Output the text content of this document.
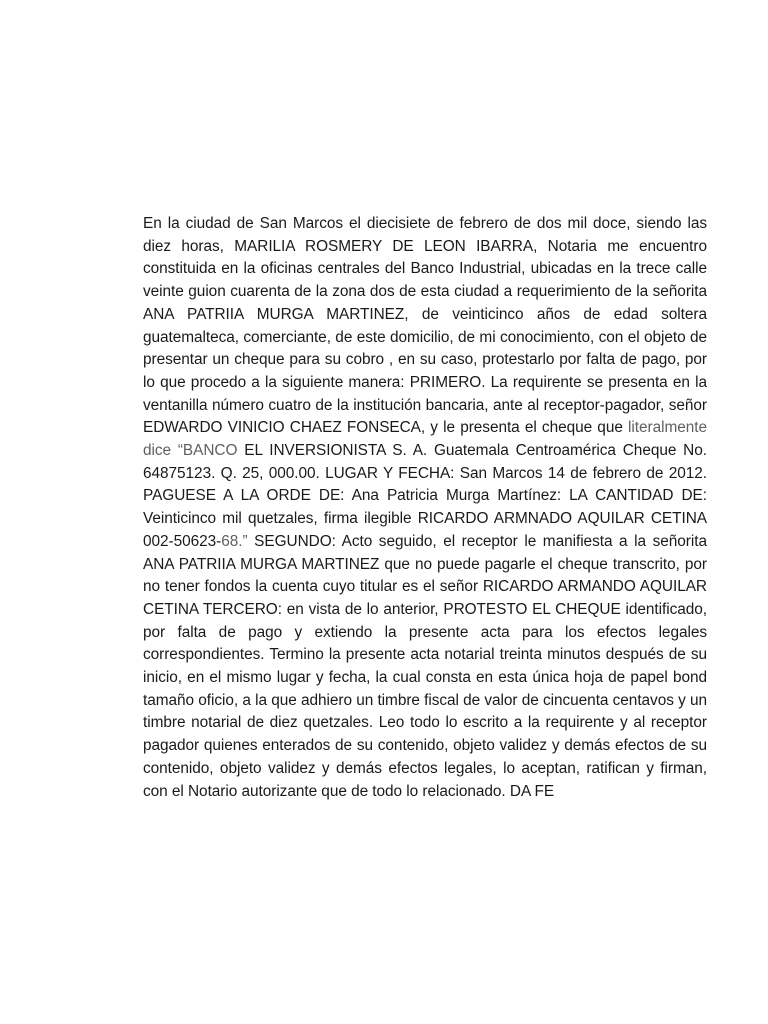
En la ciudad de San Marcos el diecisiete de febrero de dos mil doce, siendo las diez horas, MARILIA ROSMERY DE LEON IBARRA, Notaria me encuentro constituida en la oficinas centrales del Banco Industrial, ubicadas en la trece calle veinte guion cuarenta de la zona dos de esta ciudad a requerimiento de la señorita ANA PATRIIA MURGA MARTINEZ, de veinticinco años de edad soltera guatemalteca, comerciante, de este domicilio, de mi conocimiento, con el objeto de presentar un cheque para su cobro , en su caso, protestarlo por falta de pago, por lo que procedo a la siguiente manera: PRIMERO. La requirente se presenta en la ventanilla número cuatro de la institución bancaria, ante al receptor-pagador, señor EDWARDO VINICIO CHAEZ FONSECA, y le presenta el cheque que literalmente dice “BANCO EL INVERSIONISTA S. A. Guatemala Centroamérica Cheque No. 64875123. Q. 25, 000.00. LUGAR Y FECHA: San Marcos 14 de febrero de 2012. PAGUESE A LA ORDE DE: Ana Patricia Murga Martínez: LA CANTIDAD DE: Veinticinco mil quetzales, firma ilegible RICARDO ARMNADO AQUILAR CETINA 002-50623-68.” SEGUNDO: Acto seguido, el receptor le manifiesta a la señorita ANA PATRIIA MURGA MARTINEZ que no puede pagarle el cheque transcrito, por no tener fondos la cuenta cuyo titular es el señor RICARDO ARMANDO AQUILAR CETINA TERCERO: en vista de lo anterior, PROTESTO EL CHEQUE identificado, por falta de pago y extiendo la presente acta para los efectos legales correspondientes. Termino la presente acta notarial treinta minutos después de su inicio, en el mismo lugar y fecha, la cual consta en esta única hoja de papel bond tamaño oficio, a la que adhiero un timbre fiscal de valor de cincuenta centavos y un timbre notarial de diez quetzales. Leo todo lo escrito a la requirente y al receptor pagador quienes enterados de su contenido, objeto validez y demás efectos de su contenido, objeto validez y demás efectos legales, lo aceptan, ratifican y firman, con el Notario autorizante que de todo lo relacionado. DA FE
